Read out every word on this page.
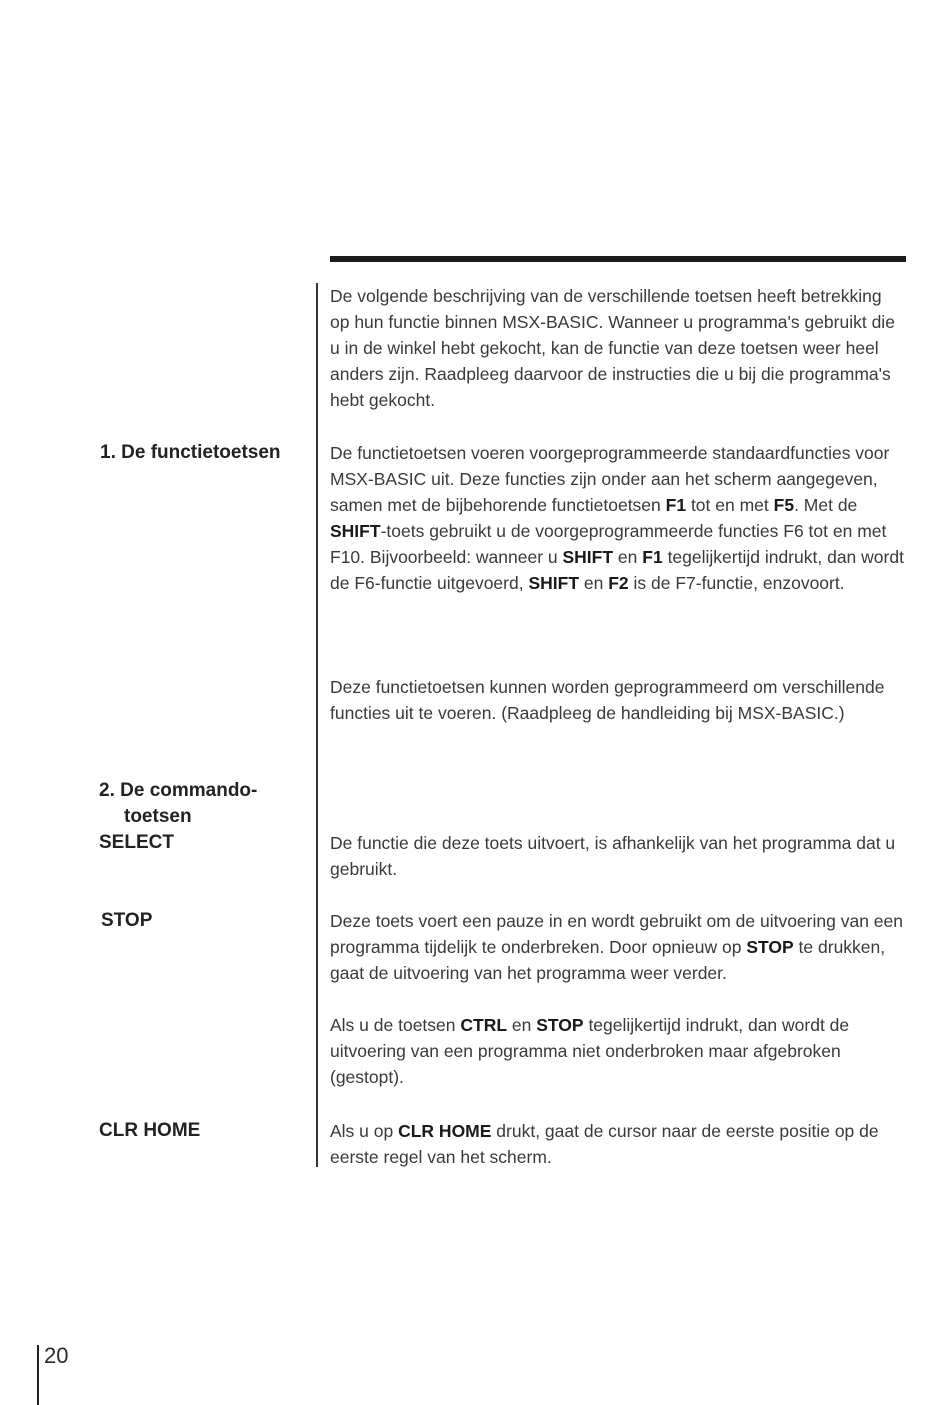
De volgende beschrijving van de verschillende toetsen heeft betrekking op hun functie binnen MSX-BASIC. Wanneer u programma's gebruikt die u in de winkel hebt gekocht, kan de functie van deze toetsen weer heel anders zijn. Raadpleeg daarvoor de instructies die u bij die programma's hebt gekocht.

1. De functietoetsen	De functietoetsen voeren voorgeprogrammeerde standaardfuncties voor MSX-BASIC uit. Deze functies zijn onder aan het scherm aangegeven, samen met de bijbehorende functietoetsen F1 tot en met F5. Met de SHIFT-toets gebruikt u de voorgeprogrammeerde functies F6 tot en met F10. Bijvoorbeeld: wanneer u SHIFT en F1 tegelijkertijd indrukt, dan wordt de F6-functie uitgevoerd, SHIFT en F2 is de F7-functie, enzovoort.

Deze functietoetsen kunnen worden geprogrammeerd om verschillende functies uit te voeren. (Raadpleeg de handleiding bij MSX-BASIC.)

2. De commando-
toetsen
SELECT	De functie die deze toets uitvoert, is afhankelijk van het programma dat u gebruikt.

STOP	Deze toets voert een pauze in en wordt gebruikt om de uitvoering van een programma tijdelijk te onderbreken. Door opnieuw op STOP te drukken, gaat de uitvoering van het programma weer verder.

Als u de toetsen CTRL en STOP tegelijkertijd indrukt, dan wordt de uitvoering van een programma niet onderbroken maar afgebroken (gestopt).

CLR HOME	Als u op CLR HOME drukt, gaat de cursor naar de eerste positie op de eerste regel van het scherm.

20
